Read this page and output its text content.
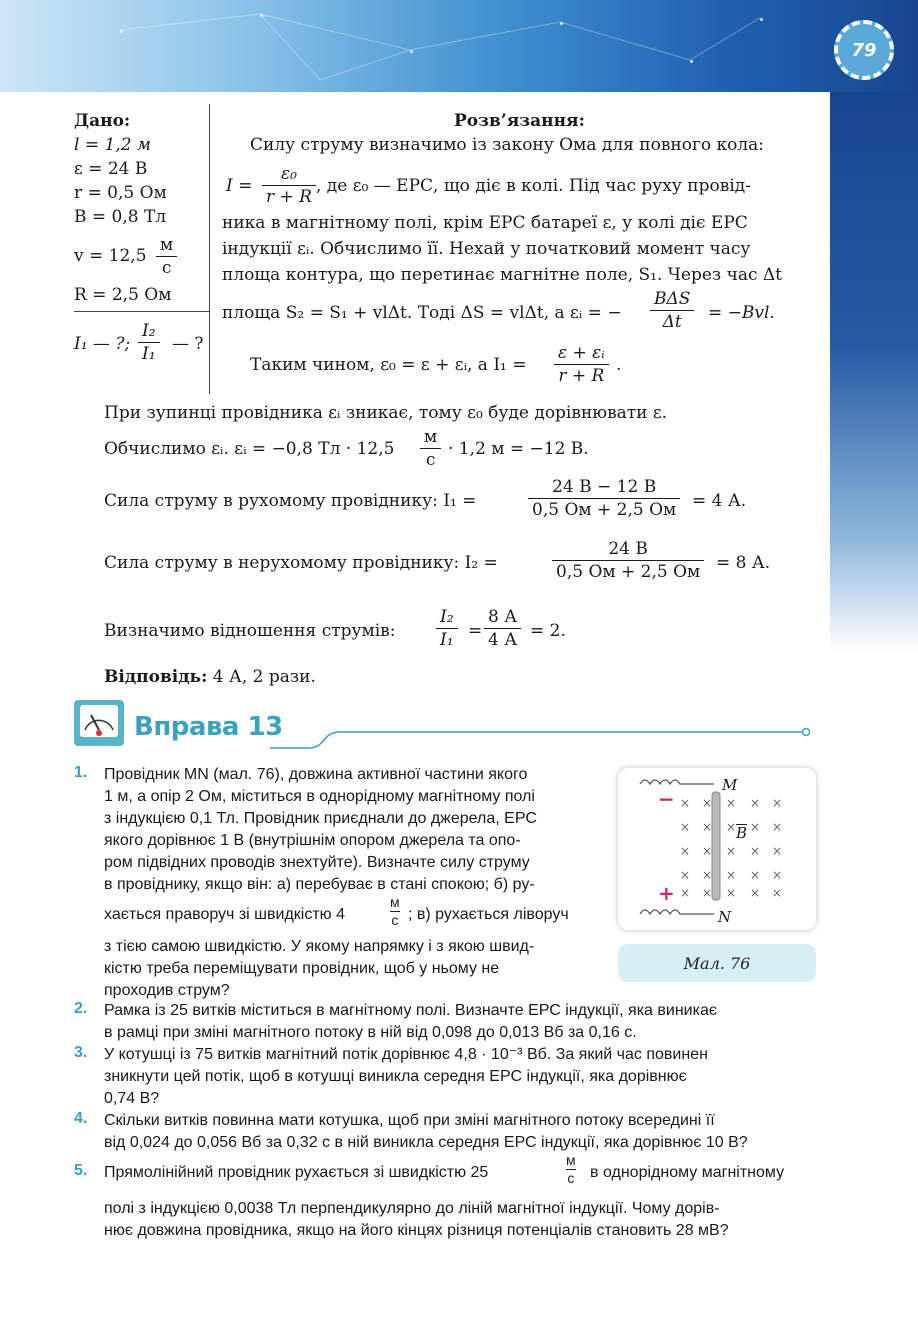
79
Дано:
l = 1,2 м
ε = 24 В
r = 0,5 Ом
B = 0,8 Тл
v = 12,5
м
с
R = 2,5 Ом
I₁ — ?;
I₂
I₁ — ?
Розв’язання:
Силу струму визначимо із закону Ома для повного кола:
I =
ε₀
r + R
, де ε₀ — ЕРС, що діє в колі. Під час руху провід-
ника в магнітному полі, крім ЕРС батареї ε, у колі діє ЕРС
індукції εᵢ. Обчислимо її. Нехай у початковий момент часу
площа контура, що перетинає магнітне поле, S₁. Через час Δt
площа S₂ = S₁ + vlΔt. Тоді ΔS = vlΔt, а εᵢ = −
BΔS
Δt = −Bvl.
Таким чином, ε₀ = ε + εᵢ, а I₁ =
ε + εᵢ
r + R
.
При зупинці провідника εᵢ зникає, тому ε₀ буде дорівнювати ε.
Обчислимо εᵢ. εᵢ = −0,8 Тл · 12,5
м
с
· 1,2 м = −12 В.
Сила струму в рухомому провіднику: I₁ =
24 В − 12 В
0,5 Ом + 2,5 Ом = 4 А.
Сила струму в нерухомому провіднику: I₂ =
24 В
0,5 Ом + 2,5 Ом = 8 А.
Визначимо відношення струмів:
I₂
I₁ =
8 А
4 А = 2.
Відповідь: 4 А, 2 рази.
Вправа 13
1. Провідник MN (мал. 76), довжина активної частини якого
1 м, а опір 2 Ом, міститься в однорідному магнітному полі
з індукцією 0,1 Тл. Провідник приєднали до джерела, ЕРС
якого дорівнює 1 В (внутрішнім опором джерела та опо-
ром підвідних проводів знехтуйте). Визначте силу струму
в провіднику, якщо він: а) перебуває в стані спокою; б) ру-
хається праворуч зі швидкістю 4
м
с ; в) рухається ліворуч
з тією самою швидкістю. У якому напрямку і з якою швид-
кістю треба переміщувати провідник, щоб у ньому не
проходив струм?
× × × × ×
× × × × ×
× × × × ×
× × × × ×
× × × × ×
M
N
B
−
+
Мал. 76
2. Рамка із 25 витків міститься в магнітному полі. Визначте ЕРС індукції, яка виникає
в рамці при зміні магнітного потоку в ній від 0,098 до 0,013 Вб за 0,16 с.
3. У котушці із 75 витків магнітний потік дорівнює 4,8 · 10⁻³ Вб. За який час повинен
зникнути цей потік, щоб в котушці виникла середня ЕРС індукції, яка дорівнює
0,74 В?
4. Скільки витків повинна мати котушка, щоб при зміні магнітного потоку всередині її
від 0,024 до 0,056 Вб за 0,32 с в ній виникла середня ЕРС індукції, яка дорівнює 10 В?
5. Прямолінійний провідник рухається зі швидкістю 25
м
с в однорідному магнітному
полі з індукцією 0,0038 Тл перпендикулярно до ліній магнітної індукції. Чому дорів-
нює довжина провідника, якщо на його кінцях різниця потенціалів становить 28 мВ?
